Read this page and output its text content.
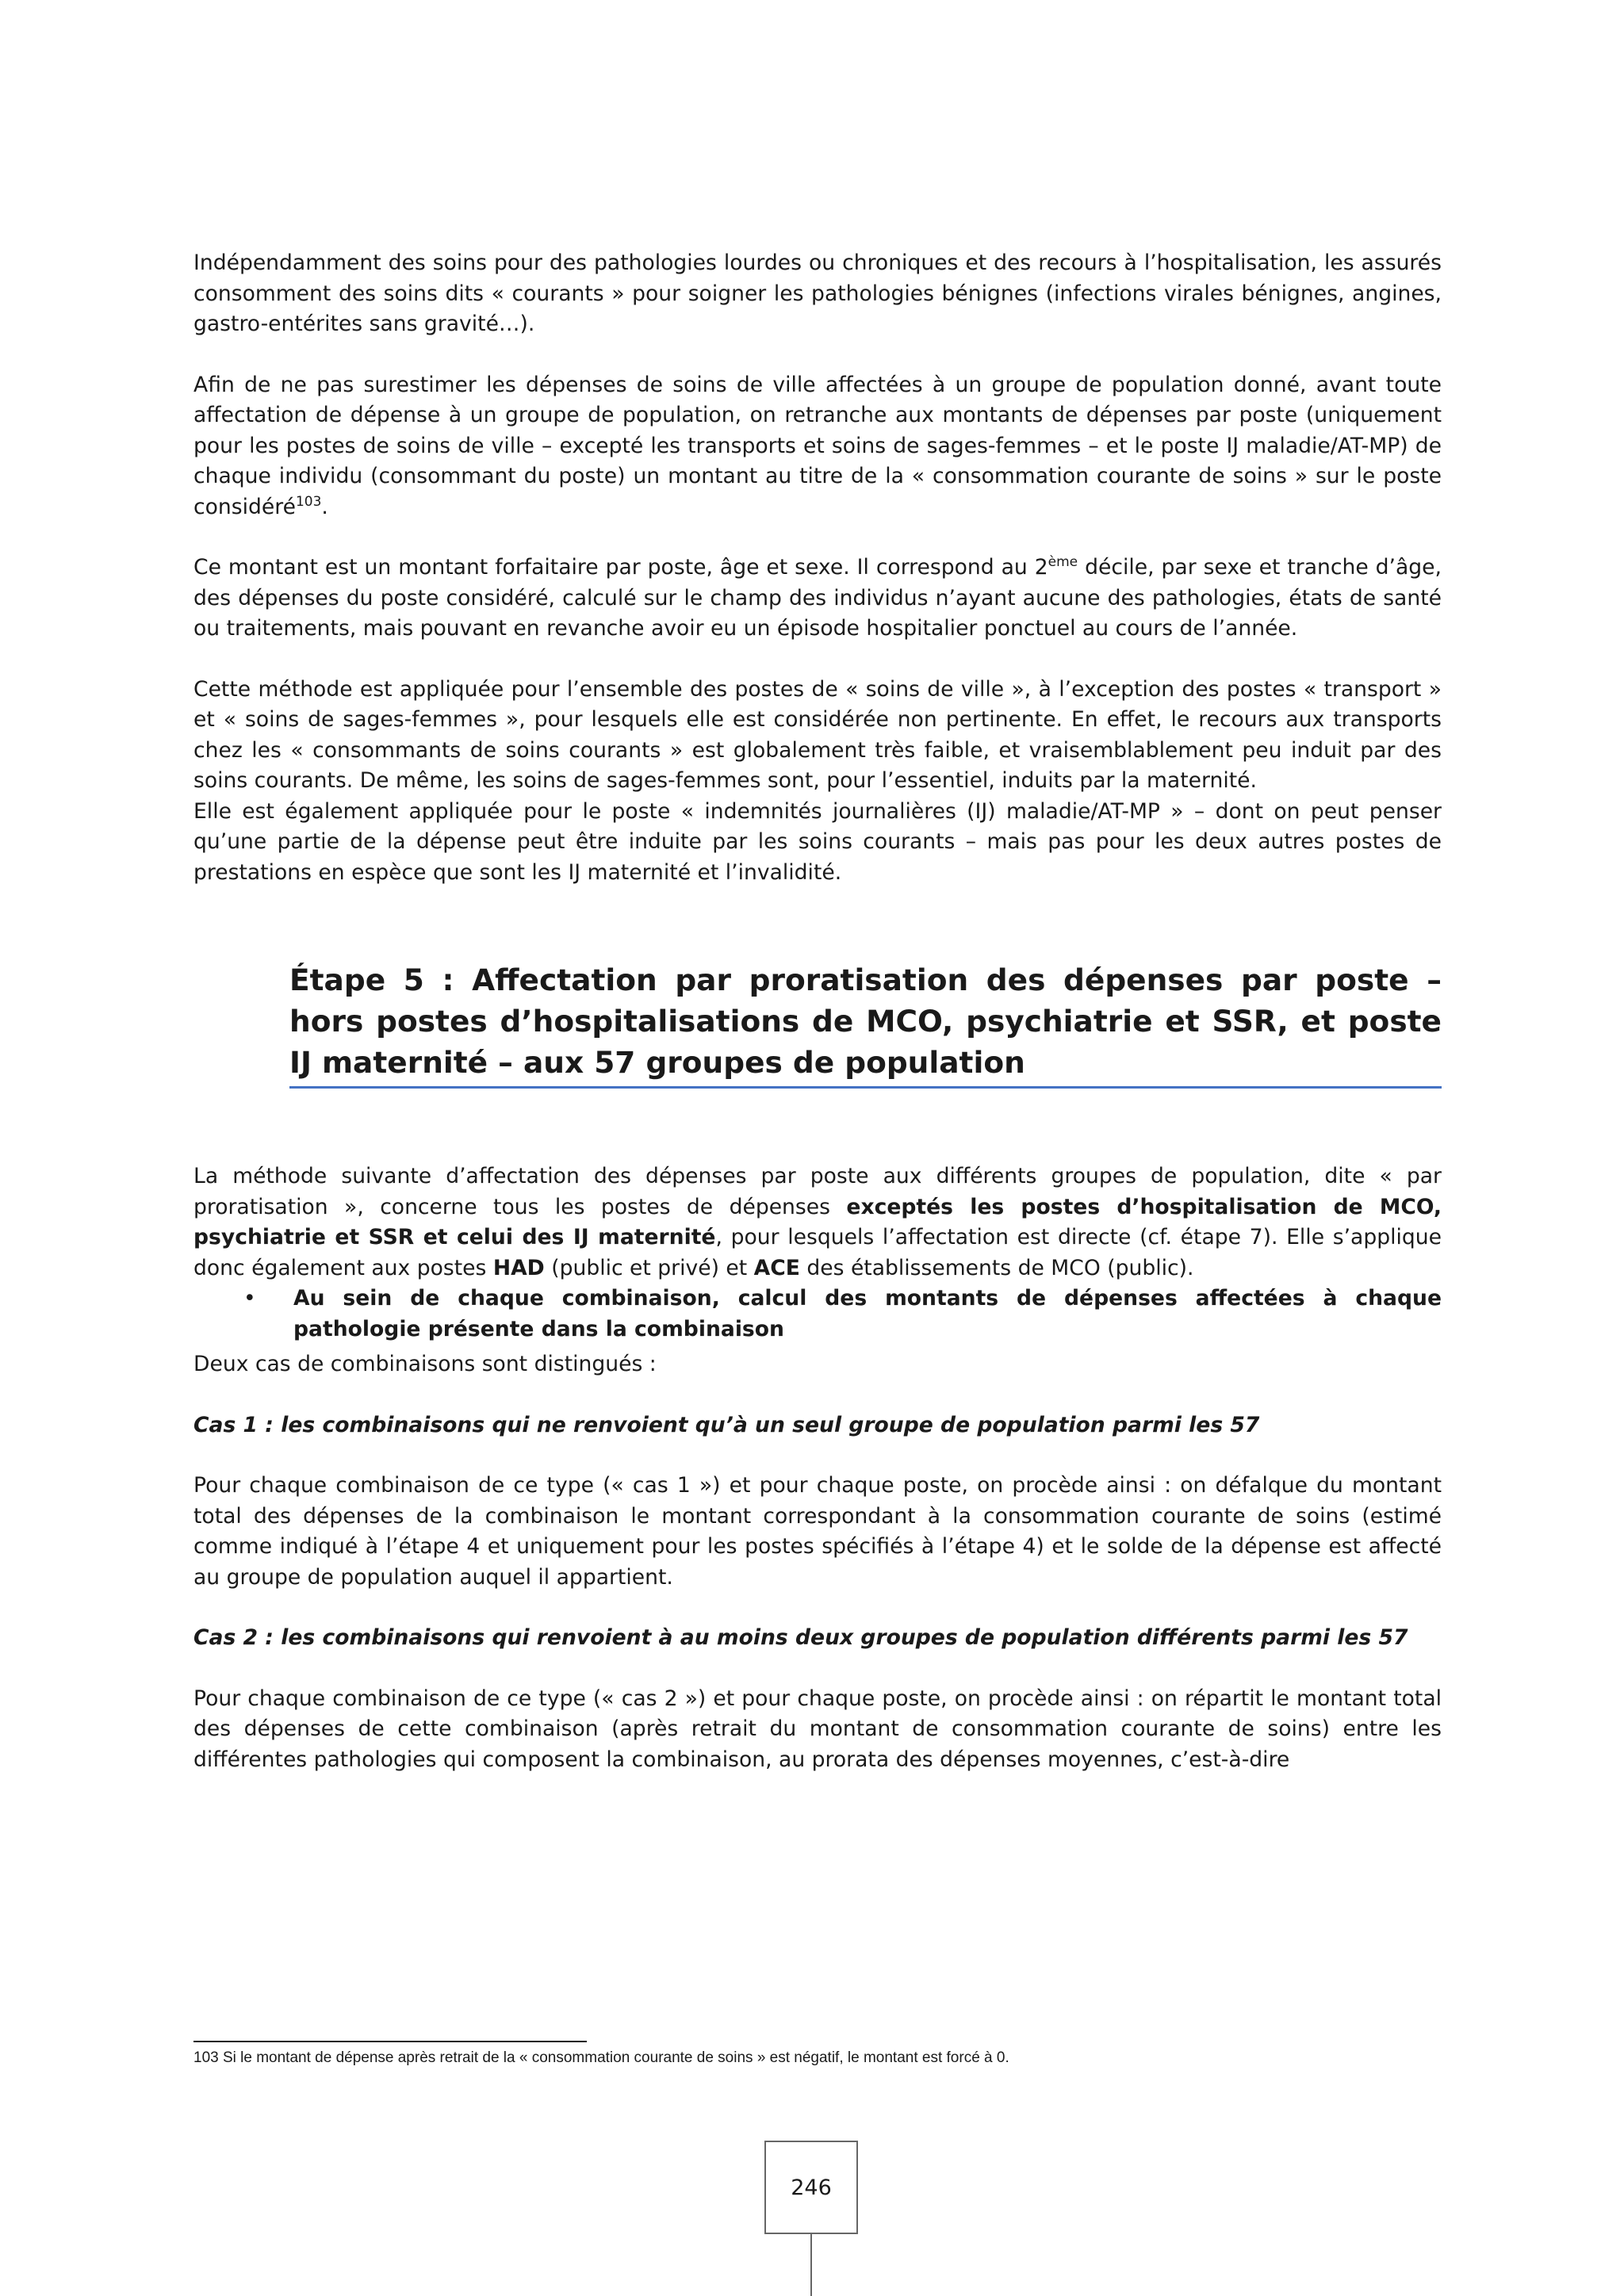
Indépendamment des soins pour des pathologies lourdes ou chroniques et des recours à l’hospitalisation, les assurés consomment des soins dits « courants » pour soigner les pathologies bénignes (infections virales bénignes, angines, gastro-entérites sans gravité…).

Afin de ne pas surestimer les dépenses de soins de ville affectées à un groupe de population donné, avant toute affectation de dépense à un groupe de population, on retranche aux montants de dépenses par poste (uniquement pour les postes de soins de ville – excepté les transports et soins de sages-femmes – et le poste IJ maladie/AT-MP) de chaque individu (consommant du poste) un montant au titre de la « consommation courante de soins » sur le poste considéré$^{103}$.

Ce montant est un montant forfaitaire par poste, âge et sexe. Il correspond au 2ème décile, par sexe et tranche d’âge, des dépenses du poste considéré, calculé sur le champ des individus n’ayant aucune des pathologies, états de santé ou traitements, mais pouvant en revanche avoir eu un épisode hospitalier ponctuel au cours de l’année.

Cette méthode est appliquée pour l’ensemble des postes de « soins de ville », à l’exception des postes « transport » et « soins de sages-femmes », pour lesquels elle est considérée non pertinente. En effet, le recours aux transports chez les « consommants de soins courants » est globalement très faible, et vraisemblablement peu induit par des soins courants. De même, les soins de sages-femmes sont, pour l’essentiel, induits par la maternité.

Elle est également appliquée pour le poste « indemnités journalières (IJ) maladie/AT-MP » – dont on peut penser qu’une partie de la dépense peut être induite par les soins courants – mais pas pour les deux autres postes de prestations en espèce que sont les IJ maternité et l’invalidité.

Étape 5 : Affectation par proratisation des dépenses par poste – hors postes d’hospitalisations de MCO, psychiatrie et SSR, et poste IJ maternité – aux 57 groupes de population

La méthode suivante d’affectation des dépenses par poste aux différents groupes de population, dite « par proratisation », concerne tous les postes de dépenses exceptés les postes d’hospitalisation de MCO, psychiatrie et SSR et celui des IJ maternité, pour lesquels l’affectation est directe (cf. étape 7). Elle s’applique donc également aux postes HAD (public et privé) et ACE des établissements de MCO (public).

• Au sein de chaque combinaison, calcul des montants de dépenses affectées à chaque pathologie présente dans la combinaison

Deux cas de combinaisons sont distingués :

Cas 1 : les combinaisons qui ne renvoient qu’à un seul groupe de population parmi les 57

Pour chaque combinaison de ce type (« cas 1 ») et pour chaque poste, on procède ainsi : on défalque du montant total des dépenses de la combinaison le montant correspondant à la consommation courante de soins (estimé comme indiqué à l’étape 4 et uniquement pour les postes spécifiés à l’étape 4) et le solde de la dépense est affecté au groupe de population auquel il appartient.

Cas 2 : les combinaisons qui renvoient à au moins deux groupes de population différents parmi les 57

Pour chaque combinaison de ce type (« cas 2 ») et pour chaque poste, on procède ainsi : on répartit le montant total des dépenses de cette combinaison (après retrait du montant de consommation courante de soins) entre les différentes pathologies qui composent la combinaison, au prorata des dépenses moyennes, c’est-à-dire

103 Si le montant de dépense après retrait de la « consommation courante de soins » est négatif, le montant est forcé à 0.
246
